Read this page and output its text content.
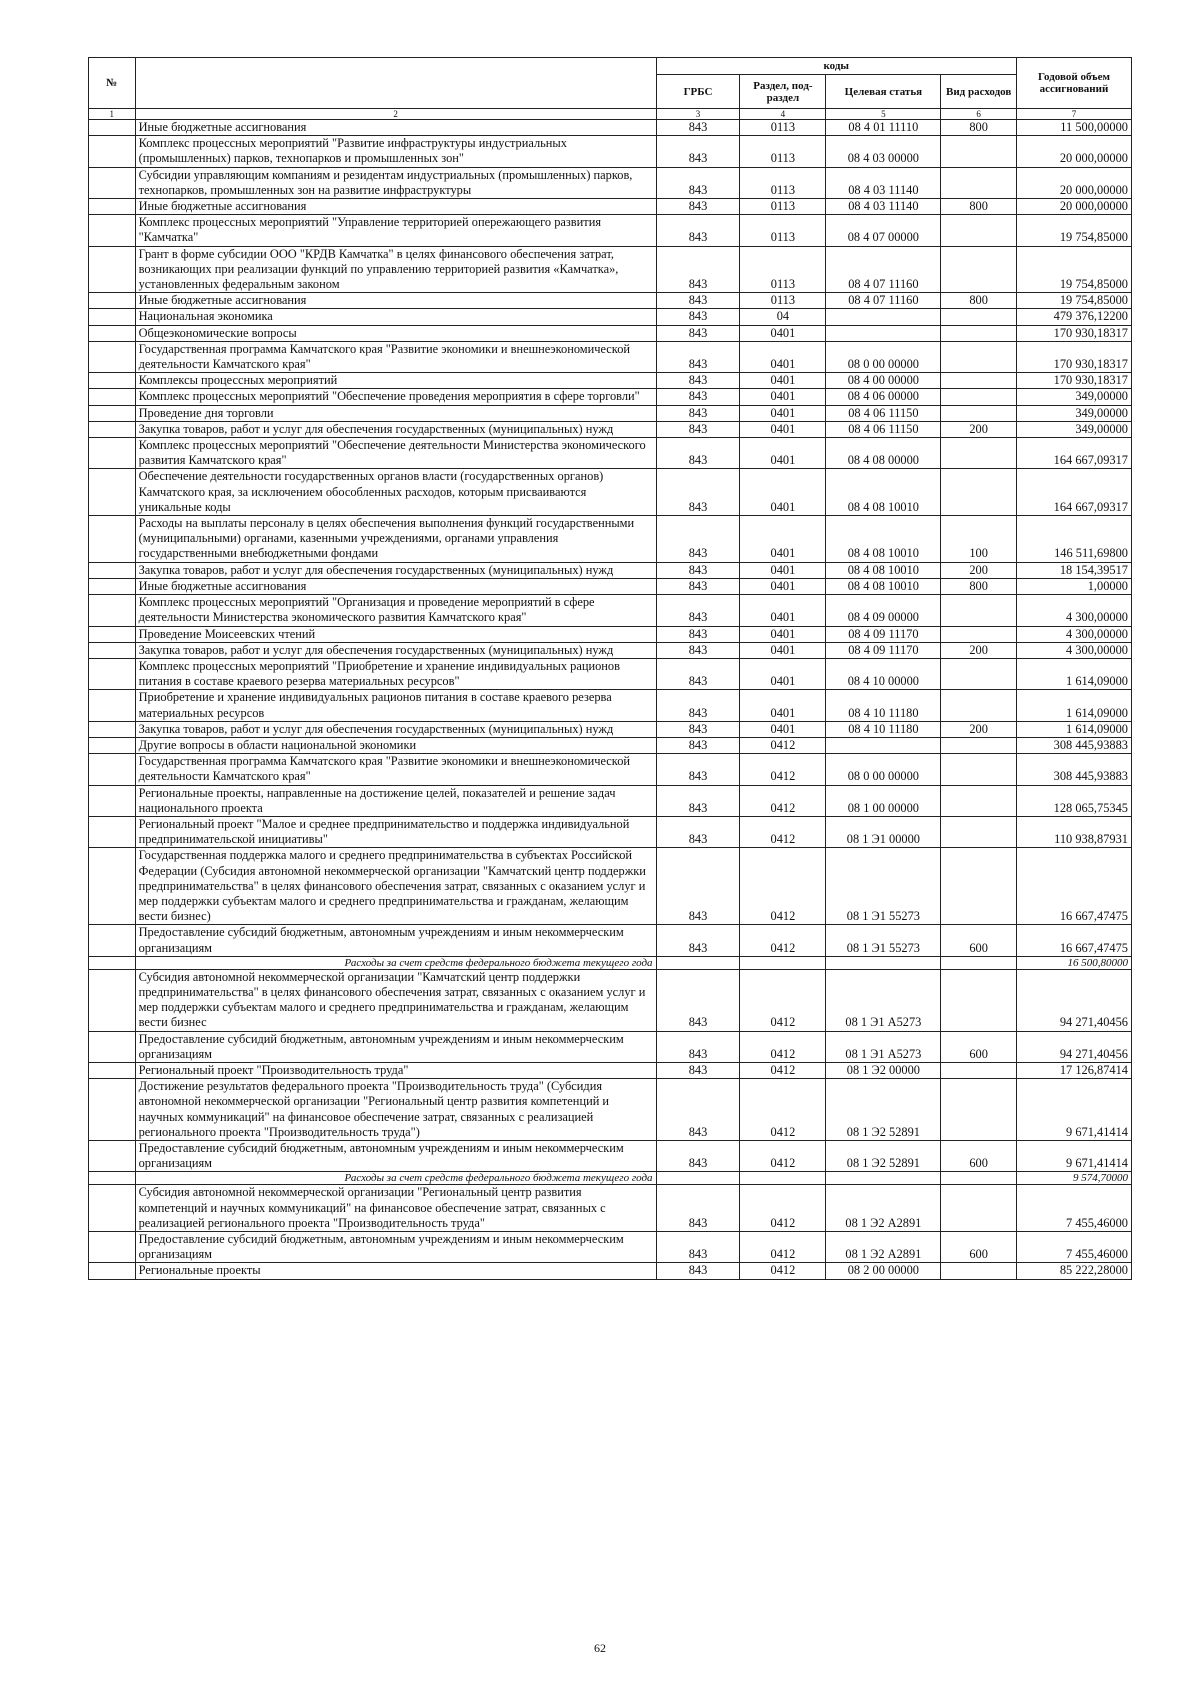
№		коды				Годовой объем ассигнований
		ГРБС	Раздел, под-раздел	Целевая статья	Вид расходов	
1	2	3	4	5	6	7
	Иные бюджетные ассигнования	843	0113	08 4 01 11110	800	11 500,00000
	Комплекс процессных мероприятий "Развитие инфраструктуры индустриальных (промышленных) парков, технопарков и промышленных зон"	843	0113	08 4 03 00000		20 000,00000
	Субсидии управляющим компаниям и резидентам индустриальных (промышленных) парков, технопарков, промышленных зон на развитие инфраструктуры	843	0113	08 4 03 11140		20 000,00000
	Иные бюджетные ассигнования	843	0113	08 4 03 11140	800	20 000,00000
	Комплекс процессных мероприятий "Управление территорией опережающего развития "Камчатка"	843	0113	08 4 07 00000		19 754,85000
	Грант в форме субсидии ООО "КРДВ Камчатка" в целях финансового обеспечения затрат, возникающих при реализации функций по управлению территорией развития «Камчатка», установленных федеральным законом	843	0113	08 4 07 11160		19 754,85000
	Иные бюджетные ассигнования	843	0113	08 4 07 11160	800	19 754,85000
	Национальная экономика	843	04			479 376,12200
	Общеэкономические вопросы	843	0401			170 930,18317
	Государственная программа Камчатского края "Развитие экономики и внешнеэкономической деятельности Камчатского края"	843	0401	08 0 00 00000		170 930,18317
	Комплексы процессных мероприятий	843	0401	08 4 00 00000		170 930,18317
	Комплекс процессных мероприятий "Обеспечение проведения мероприятия в сфере торговли"	843	0401	08 4 06 00000		349,00000
	Проведение дня торговли	843	0401	08 4 06 11150		349,00000
	Закупка товаров, работ и услуг для обеспечения государственных (муниципальных) нужд	843	0401	08 4 06 11150	200	349,00000
	Комплекс процессных мероприятий "Обеспечение деятельности Министерства экономического развития Камчатского края"	843	0401	08 4 08 00000		164 667,09317
	Обеспечение деятельности государственных органов власти (государственных органов) Камчатского края, за исключением обособленных расходов, которым присваиваются уникальные коды	843	0401	08 4 08 10010		164 667,09317
	Расходы на выплаты персоналу в целях обеспечения выполнения функций государственными (муниципальными) органами, казенными учреждениями, органами управления государственными внебюджетными фондами	843	0401	08 4 08 10010	100	146 511,69800
	Закупка товаров, работ и услуг для обеспечения государственных (муниципальных) нужд	843	0401	08 4 08 10010	200	18 154,39517
	Иные бюджетные ассигнования	843	0401	08 4 08 10010	800	1,00000
	Комплекс процессных мероприятий "Организация и проведение мероприятий в сфере деятельности Министерства экономического развития Камчатского края"	843	0401	08 4 09 00000		4 300,00000
	Проведение Моисеевских чтений	843	0401	08 4 09 11170		4 300,00000
	Закупка товаров, работ и услуг для обеспечения государственных (муниципальных) нужд	843	0401	08 4 09 11170	200	4 300,00000
	Комплекс процессных мероприятий "Приобретение и хранение индивидуальных рационов питания в составе краевого резерва материальных ресурсов"	843	0401	08 4 10 00000		1 614,09000
	Приобретение и хранение индивидуальных рационов питания в составе краевого резерва материальных ресурсов	843	0401	08 4 10 11180		1 614,09000
	Закупка товаров, работ и услуг для обеспечения государственных (муниципальных) нужд	843	0401	08 4 10 11180	200	1 614,09000
	Другие вопросы в области национальной экономики	843	0412			308 445,93883
	Государственная программа Камчатского края "Развитие экономики и внешнеэкономической деятельности Камчатского края"	843	0412	08 0 00 00000		308 445,93883
	Региональные проекты, направленные на достижение целей, показателей и решение задач национального проекта	843	0412	08 1 00 00000		128 065,75345
	Региональный проект "Малое и среднее предпринимательство и поддержка индивидуальной предпринимательской инициативы"	843	0412	08 1 Э1 00000		110 938,87931
	Государственная поддержка малого и среднего предпринимательства в субъектах Российской Федерации (Субсидия автономной некоммерческой организации "Камчатский центр поддержки предпринимательства" в целях финансового обеспечения затрат, связанных с оказанием услуг и мер поддержки субъектам малого и среднего предпринимательства и гражданам, желающим вести бизнес)	843	0412	08 1 Э1 55273		16 667,47475
	Предоставление субсидий бюджетным, автономным учреждениям и иным некоммерческим организациям	843	0412	08 1 Э1 55273	600	16 667,47475
	Расходы за счет средств федерального бюджета текущего года					16 500,80000
	Субсидия автономной некоммерческой организации "Камчатский центр поддержки предпринимательства" в целях финансового обеспечения затрат, связанных с оказанием услуг и мер поддержки субъектам малого и среднего предпринимательства и гражданам, желающим вести бизнес	843	0412	08 1 Э1 А5273		94 271,40456
	Предоставление субсидий бюджетным, автономным учреждениям и иным некоммерческим организациям	843	0412	08 1 Э1 А5273	600	94 271,40456
	Региональный проект "Производительность труда"	843	0412	08 1 Э2 00000		17 126,87414
	Достижение результатов федерального проекта "Производительность труда" (Субсидия автономной некоммерческой организации "Региональный центр развития компетенций и научных коммуникаций" на финансовое обеспечение затрат, связанных с реализацией регионального проекта "Производительность труда")	843	0412	08 1 Э2 52891		9 671,41414
	Предоставление субсидий бюджетным, автономным учреждениям и иным некоммерческим организациям	843	0412	08 1 Э2 52891	600	9 671,41414
	Расходы за счет средств федерального бюджета текущего года					9 574,70000
	Субсидия автономной некоммерческой организации "Региональный центр развития компетенций и научных коммуникаций" на финансовое обеспечение затрат, связанных с реализацией регионального проекта "Производительность труда"	843	0412	08 1 Э2 А2891		7 455,46000
	Предоставление субсидий бюджетным, автономным учреждениям и иным некоммерческим организациям	843	0412	08 1 Э2 А2891	600	7 455,46000
	Региональные проекты	843	0412	08 2 00 00000		85 222,28000
62
